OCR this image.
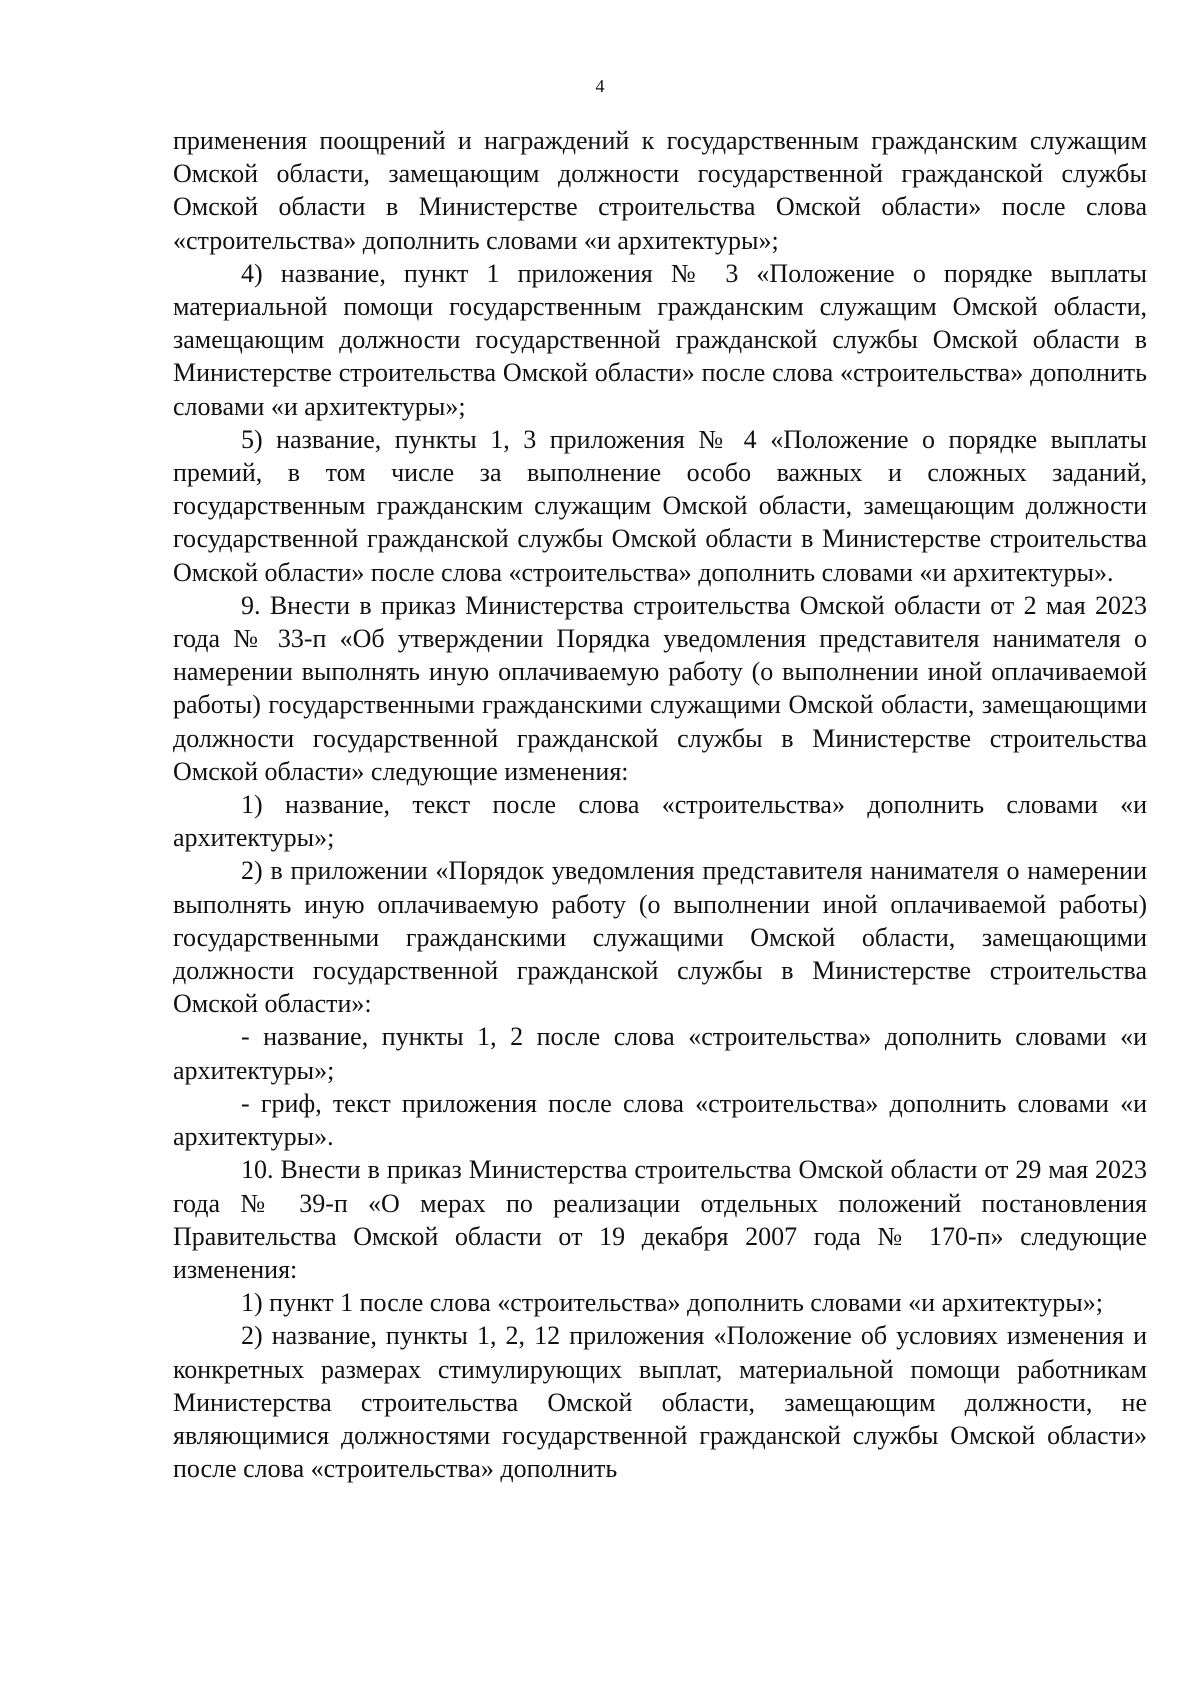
4

применения поощрений и награждений к государственным гражданским служащим Омской области, замещающим должности государственной гражданской службы Омской области в Министерстве строительства Омской области» после слова «строительства» дополнить словами «и архитектуры»;

4) название, пункт 1 приложения № 3 «Положение о порядке выплаты материальной помощи государственным гражданским служащим Омской области, замещающим должности государственной гражданской службы Омской области в Министерстве строительства Омской области» после слова «строительства» дополнить словами «и архитектуры»;

5) название, пункты 1, 3 приложения № 4 «Положение о порядке выплаты премий, в том числе за выполнение особо важных и сложных заданий, государственным гражданским служащим Омской области, замещающим должности государственной гражданской службы Омской области в Министерстве строительства Омской области» после слова «строительства» дополнить словами «и архитектуры».

9. Внести в приказ Министерства строительства Омской области от 2 мая 2023 года № 33-п «Об утверждении Порядка уведомления представителя нанимателя о намерении выполнять иную оплачиваемую работу (о выполнении иной оплачиваемой работы) государственными гражданскими служащими Омской области, замещающими должности государственной гражданской службы в Министерстве строительства Омской области» следующие изменения:

1) название, текст после слова «строительства» дополнить словами «и архитектуры»;

2) в приложении «Порядок уведомления представителя нанимателя о намерении выполнять иную оплачиваемую работу (о выполнении иной оплачиваемой работы) государственными гражданскими служащими Омской области, замещающими должности государственной гражданской службы в Министерстве строительства Омской области»:

- название, пункты 1, 2 после слова «строительства» дополнить словами «и архитектуры»;

- гриф, текст приложения после слова «строительства» дополнить словами «и архитектуры».

10. Внести в приказ Министерства строительства Омской области от 29 мая 2023 года № 39-п «О мерах по реализации отдельных положений постановления Правительства Омской области от 19 декабря 2007 года № 170-п» следующие изменения:

1) пункт 1 после слова «строительства» дополнить словами «и архитектуры»;

2) название, пункты 1, 2, 12 приложения «Положение об условиях изменения и конкретных размерах стимулирующих выплат, материальной помощи работникам Министерства строительства Омской области, замещающим должности, не являющимися должностями государственной гражданской службы Омской области» после слова «строительства» дополнить
